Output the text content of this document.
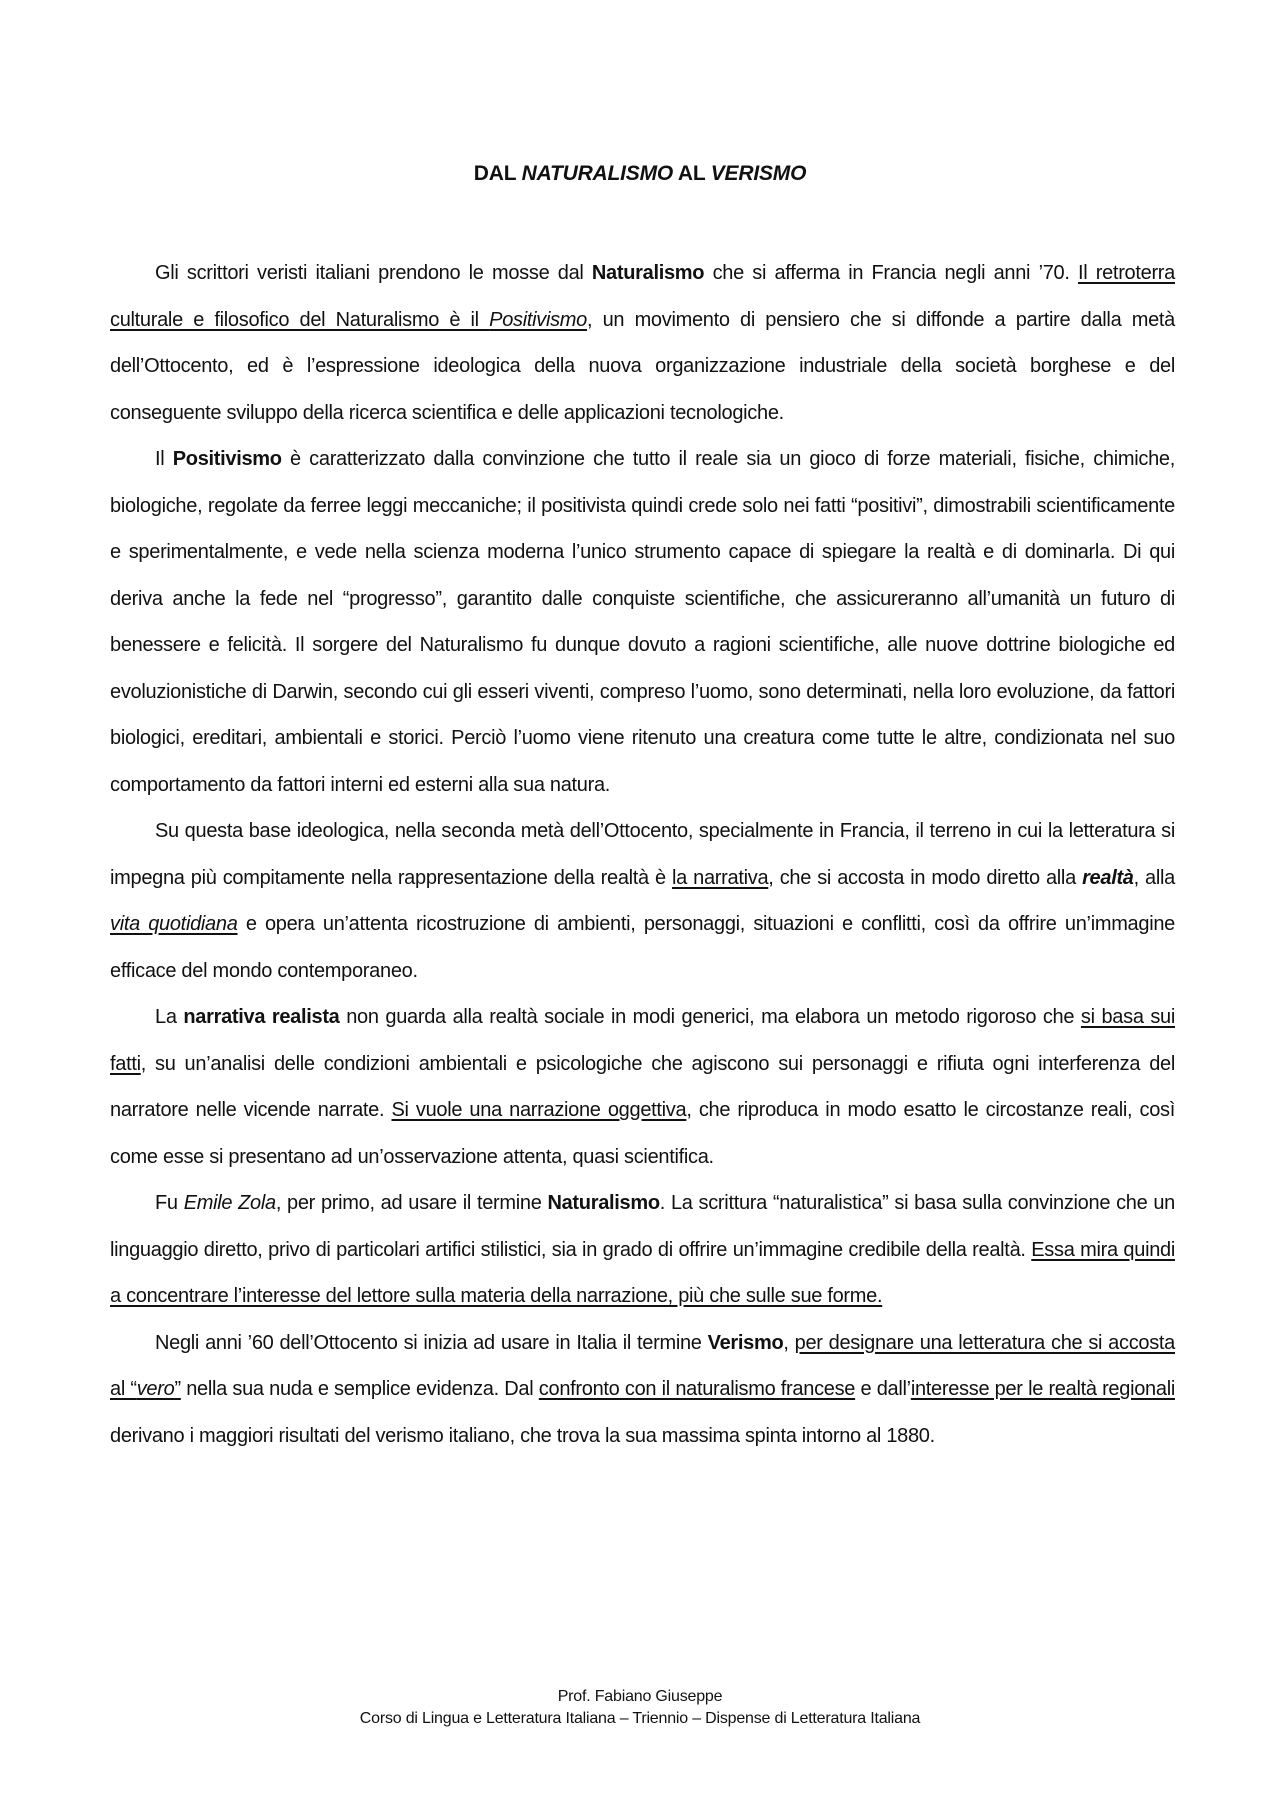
DAL NATURALISMO AL VERISMO

Gli scrittori veristi italiani prendono le mosse dal Naturalismo che si afferma in Francia negli anni ’70. Il retroterra culturale e filosofico del Naturalismo è il Positivismo, un movimento di pensiero che si diffonde a partire dalla metà dell’Ottocento, ed è l’espressione ideologica della nuova organizzazione industriale della società borghese e del conseguente sviluppo della ricerca scientifica e delle applicazioni tecnologiche.

Il Positivismo è caratterizzato dalla convinzione che tutto il reale sia un gioco di forze materiali, fisiche, chimiche, biologiche, regolate da ferree leggi meccaniche; il positivista quindi crede solo nei fatti “positivi”, dimostrabili scientificamente e sperimentalmente, e vede nella scienza moderna l’unico strumento capace di spiegare la realtà e di dominarla. Di qui deriva anche la fede nel “progresso”, garantito dalle conquiste scientifiche, che assicureranno all’umanità un futuro di benessere e felicità. Il sorgere del Naturalismo fu dunque dovuto a ragioni scientifiche, alle nuove dottrine biologiche ed evoluzionistiche di Darwin, secondo cui gli esseri viventi, compreso l’uomo, sono determinati, nella loro evoluzione, da fattori biologici, ereditari, ambientali e storici. Perciò l’uomo viene ritenuto una creatura come tutte le altre, condizionata nel suo comportamento da fattori interni ed esterni alla sua natura.

Su questa base ideologica, nella seconda metà dell’Ottocento, specialmente in Francia, il terreno in cui la letteratura si impegna più compitamente nella rappresentazione della realtà è la narrativa, che si accosta in modo diretto alla realtà, alla vita quotidiana e opera un’attenta ricostruzione di ambienti, personaggi, situazioni e conflitti, così da offrire un’immagine efficace del mondo contemporaneo.

La narrativa realista non guarda alla realtà sociale in modi generici, ma elabora un metodo rigoroso che si basa sui fatti, su un’analisi delle condizioni ambientali e psicologiche che agiscono sui personaggi e rifiuta ogni interferenza del narratore nelle vicende narrate. Si vuole una narrazione oggettiva, che riproduca in modo esatto le circostanze reali, così come esse si presentano ad un’osservazione attenta, quasi scientifica.

Fu Emile Zola, per primo, ad usare il termine Naturalismo. La scrittura “naturalistica” si basa sulla convinzione che un linguaggio diretto, privo di particolari artifici stilistici, sia in grado di offrire un’immagine credibile della realtà. Essa mira quindi a concentrare l’interesse del lettore sulla materia della narrazione, più che sulle sue forme.

Negli anni ’60 dell’Ottocento si inizia ad usare in Italia il termine Verismo, per designare una letteratura che si accosta al “vero” nella sua nuda e semplice evidenza. Dal confronto con il naturalismo francese e dall’interesse per le realtà regionali derivano i maggiori risultati del verismo italiano, che trova la sua massima spinta intorno al 1880.

Prof. Fabiano Giuseppe
Corso di Lingua e Letteratura Italiana – Triennio – Dispense di Letteratura Italiana
